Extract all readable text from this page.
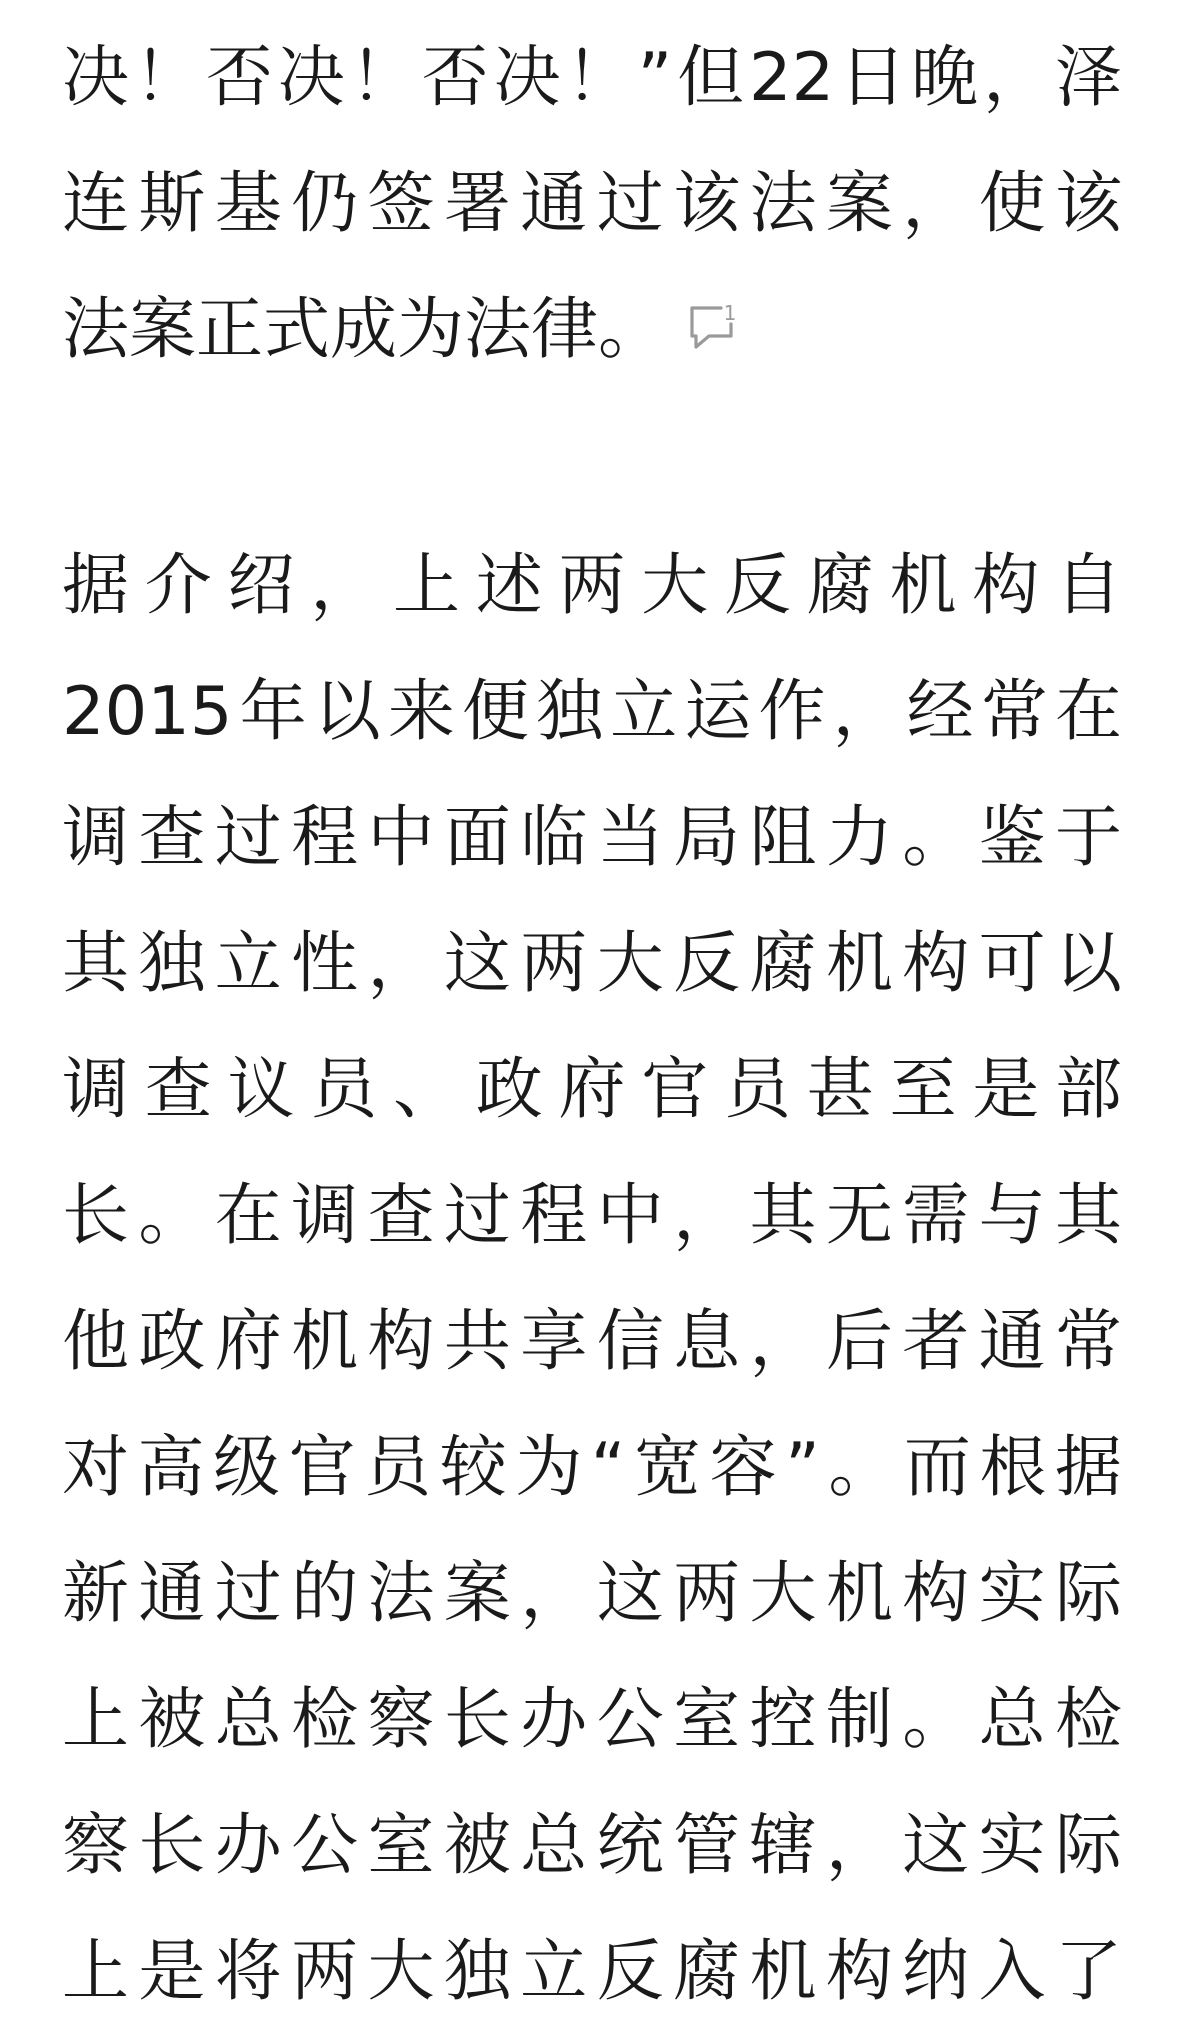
决！否决！否决！”但22日晚，泽
连斯基仍签署通过该法案，使该
法案正式成为法律。	1
据介绍，上述两大反腐机构自
2015年以来便独立运作，经常在
调查过程中面临当局阻力。鉴于
其独立性，这两大反腐机构可以
调查议员、政府官员甚至是部
长。在调查过程中，其无需与其
他政府机构共享信息，后者通常
对高级官员较为“宽容”。而根据
新通过的法案，这两大机构实际
上被总检察长办公室控制。总检
察长办公室被总统管辖，这实际
上是将两大独立反腐机构纳入了
